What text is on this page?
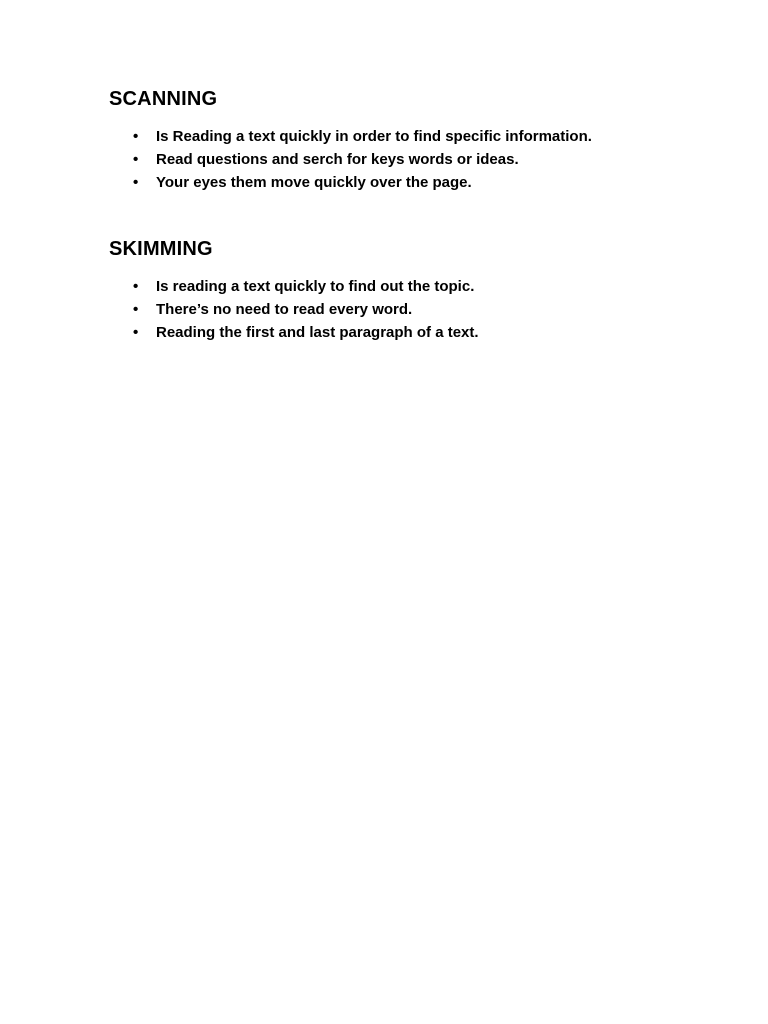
SCANNING
• Is Reading a text quickly in order to find specific information.
• Read questions and serch for keys words or ideas.
• Your eyes them move quickly over the page.
SKIMMING
• Is reading a text quickly to find out the topic.
• There’s no need to read every word.
• Reading the first and last paragraph of a text.
